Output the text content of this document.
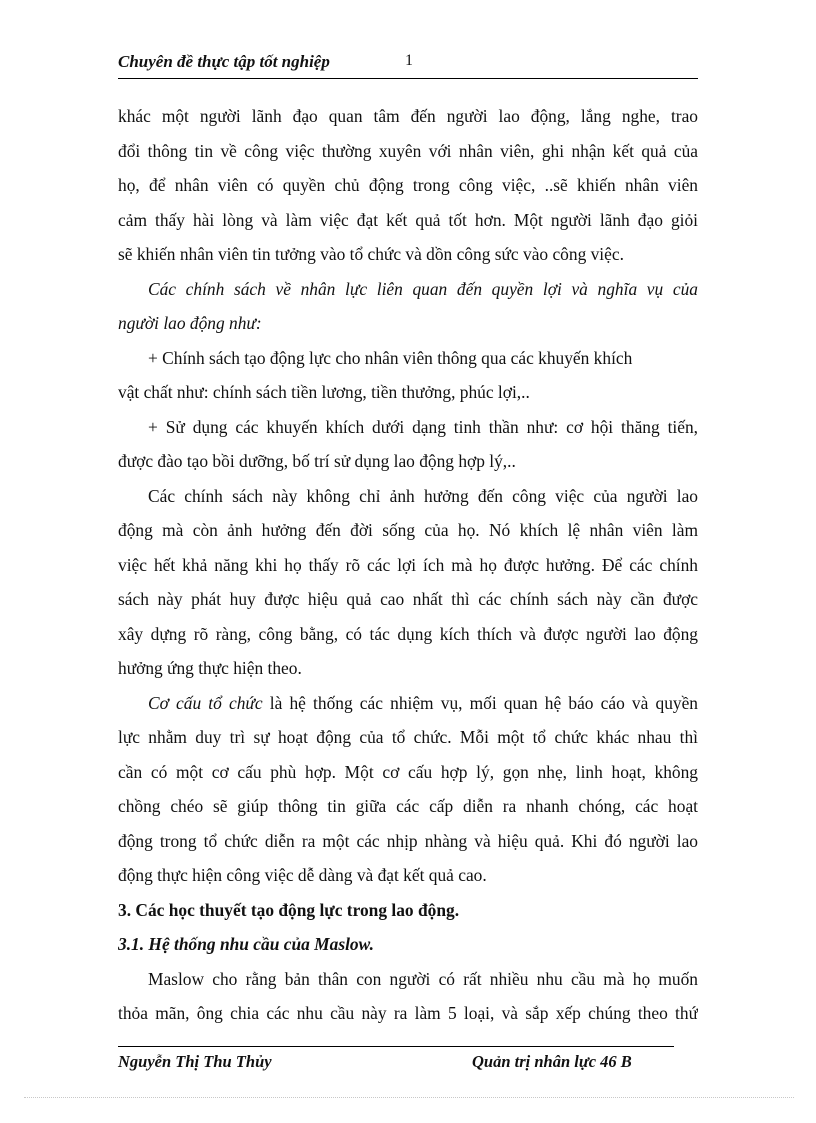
Chuyên đề thực tập tốt nghiệp	1
khác một người lãnh đạo quan tâm đến người lao động, lắng nghe, trao
đổi thông tin về công việc thường xuyên với nhân viên, ghi nhận kết quả của
họ, để nhân viên có quyền chủ động trong công việc, ..sẽ khiến nhân viên
cảm thấy hài lòng và làm việc đạt kết quả tốt hơn. Một người lãnh đạo giỏi
sẽ khiến nhân viên tin tưởng vào tổ chức và dồn công sức vào công việc.
Các chính sách về nhân lực liên quan đến quyền lợi và nghĩa vụ của
người lao động như:
+ Chính sách tạo động lực cho nhân viên thông qua các khuyến khích
vật chất như: chính sách tiền lương, tiền thưởng, phúc lợi,..
+ Sử dụng các khuyến khích dưới dạng tinh thần như: cơ hội thăng tiến,
được đào tạo bồi dưỡng, bố trí sử dụng lao động hợp lý,..
Các chính sách này không chỉ ảnh hưởng đến công việc của người lao
động mà còn ảnh hưởng đến đời sống của họ. Nó khích lệ nhân viên làm
việc hết khả năng khi họ thấy rõ các lợi ích mà họ được hưởng. Để các chính
sách này phát huy được hiệu quả cao nhất thì các chính sách này cần được
xây dựng rõ ràng, công bằng, có tác dụng kích thích và được người lao động
hưởng ứng thực hiện theo.
Cơ cấu tổ chức là hệ thống các nhiệm vụ, mối quan hệ báo cáo và quyền
lực nhằm duy trì sự hoạt động của tổ chức. Mỗi một tổ chức khác nhau thì
cần có một cơ cấu phù hợp. Một cơ cấu hợp lý, gọn nhẹ, linh hoạt, không
chồng chéo sẽ giúp thông tin giữa các cấp diễn ra nhanh chóng, các hoạt
động trong tổ chức diễn ra một các nhịp nhàng và hiệu quả. Khi đó người lao
động thực hiện công việc dễ dàng và đạt kết quả cao.
3. Các học thuyết tạo động lực trong lao động.
3.1. Hệ thống nhu cầu của Maslow.
Maslow cho rằng bản thân con người có rất nhiều nhu cầu mà họ muốn
thỏa mãn, ông chia các nhu cầu này ra làm 5 loại, và sắp xếp chúng theo thứ
Nguyễn Thị Thu Thủy	Quản trị nhân lực 46 B
